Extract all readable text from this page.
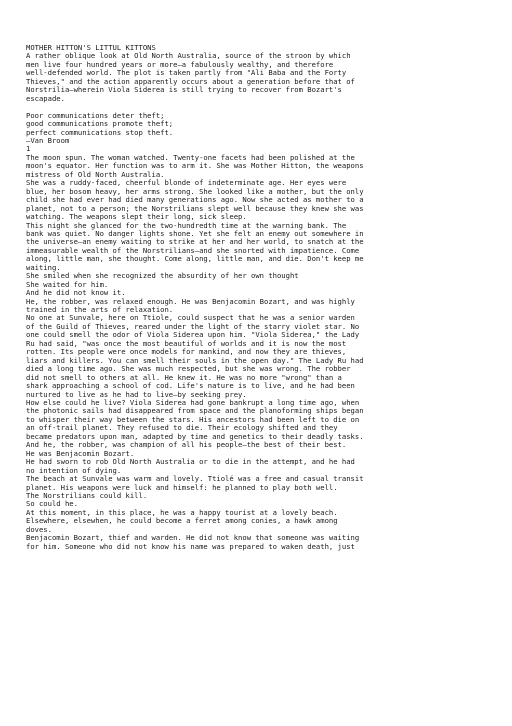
MOTHER HITTON'S LITTUL KITTONS
A rather oblique look at Old North Australia, source of the stroon by which
men live four hundred years or more—a fabulously wealthy, and therefore
well-defended world. The plot is taken partly from "Ali Baba and the Forty
Thieves," and the action apparently occurs about a generation before that of
Norstrilia—wherein Viola Siderea is still trying to recover from Bozart's
escapade.
Poor communications deter theft;
good communications promote theft;
perfect communications stop theft.
—Van Broom
1
The moon spun. The woman watched. Twenty-one facets had been polished at the
moon's equator. Her function was to arm it. She was Mother Hitton, the weapons
mistress of Old North Australia.
She was a ruddy-faced, cheerful blonde of indeterminate age. Her eyes were
blue, her bosom heavy, her arms strong. She looked like a mother, but the only
child she had ever had died many generations ago. Now she acted as mother to a
planet, not to a person; the Norstrilians slept well because they knew she was
watching. The weapons slept their long, sick sleep.
This night she glanced for the two-hundredth time at the warning bank. The
bank was quiet. No danger lights shone. Yet she felt an enemy out somewhere in
the universe—an enemy waiting to strike at her and her world, to snatch at the
immeasurable wealth of the Norstrilians—and she snorted with impatience. Come
along, little man, she thought. Come along, little man, and die. Don't keep me
waiting.
She smiled when she recognized the absurdity of her own thought
She waited for him.
And he did not know it.
He, the robber, was relaxed enough. He was Benjacomin Bozart, and was highly
trained in the arts of relaxation.
No one at Sunvale, here on Ttiole, could suspect that he was a senior warden
of the Guild of Thieves, reared under the light of the starry violet star. No
one could smell the odor of Viola Siderea upon him. "Viola Siderea," the Lady
Ru had said, "was once the most beautiful of worlds and it is now the most
rotten. Its people were once models for mankind, and now they are thieves,
liars and killers. You can smell their souls in the open day." The Lady Ru had
died a long time ago. She was much respected, but she was wrong. The robber
did not smell to others at all. He knew it. He was no more "wrong" than a
shark approaching a school of cod. Life's nature is to live, and he had been
nurtured to live as he had to live—by seeking prey.
How else could he live? Viola Siderea had gone bankrupt a long time ago, when
the photonic sails had disappeared from space and the planoforming ships began
to whisper their way between the stars. His ancestors had been left to die on
an off-trail planet. They refused to die. Their ecology shifted and they
became predators upon man, adapted by time and genetics to their deadly tasks.
And he, the robber, was champion of all his people—the best of their best.
He was Benjacomin Bozart.
He had sworn to rob Old North Australia or to die in the attempt, and he had
no intention of dying.
The beach at Sunvale was warm and lovely. Ttiolé was a free and casual transit
planet. His weapons were luck and himself: he planned to play both well.
The Norstrilians could kill.
So could he.
At this moment, in this place, he was a happy tourist at a lovely beach.
Elsewhere, elsewhen, he could become a ferret among conies, a hawk among
doves.
Benjacomin Bozart, thief and warden. He did not know that someone was waiting
for him. Someone who did not know his name was prepared to waken death, just
